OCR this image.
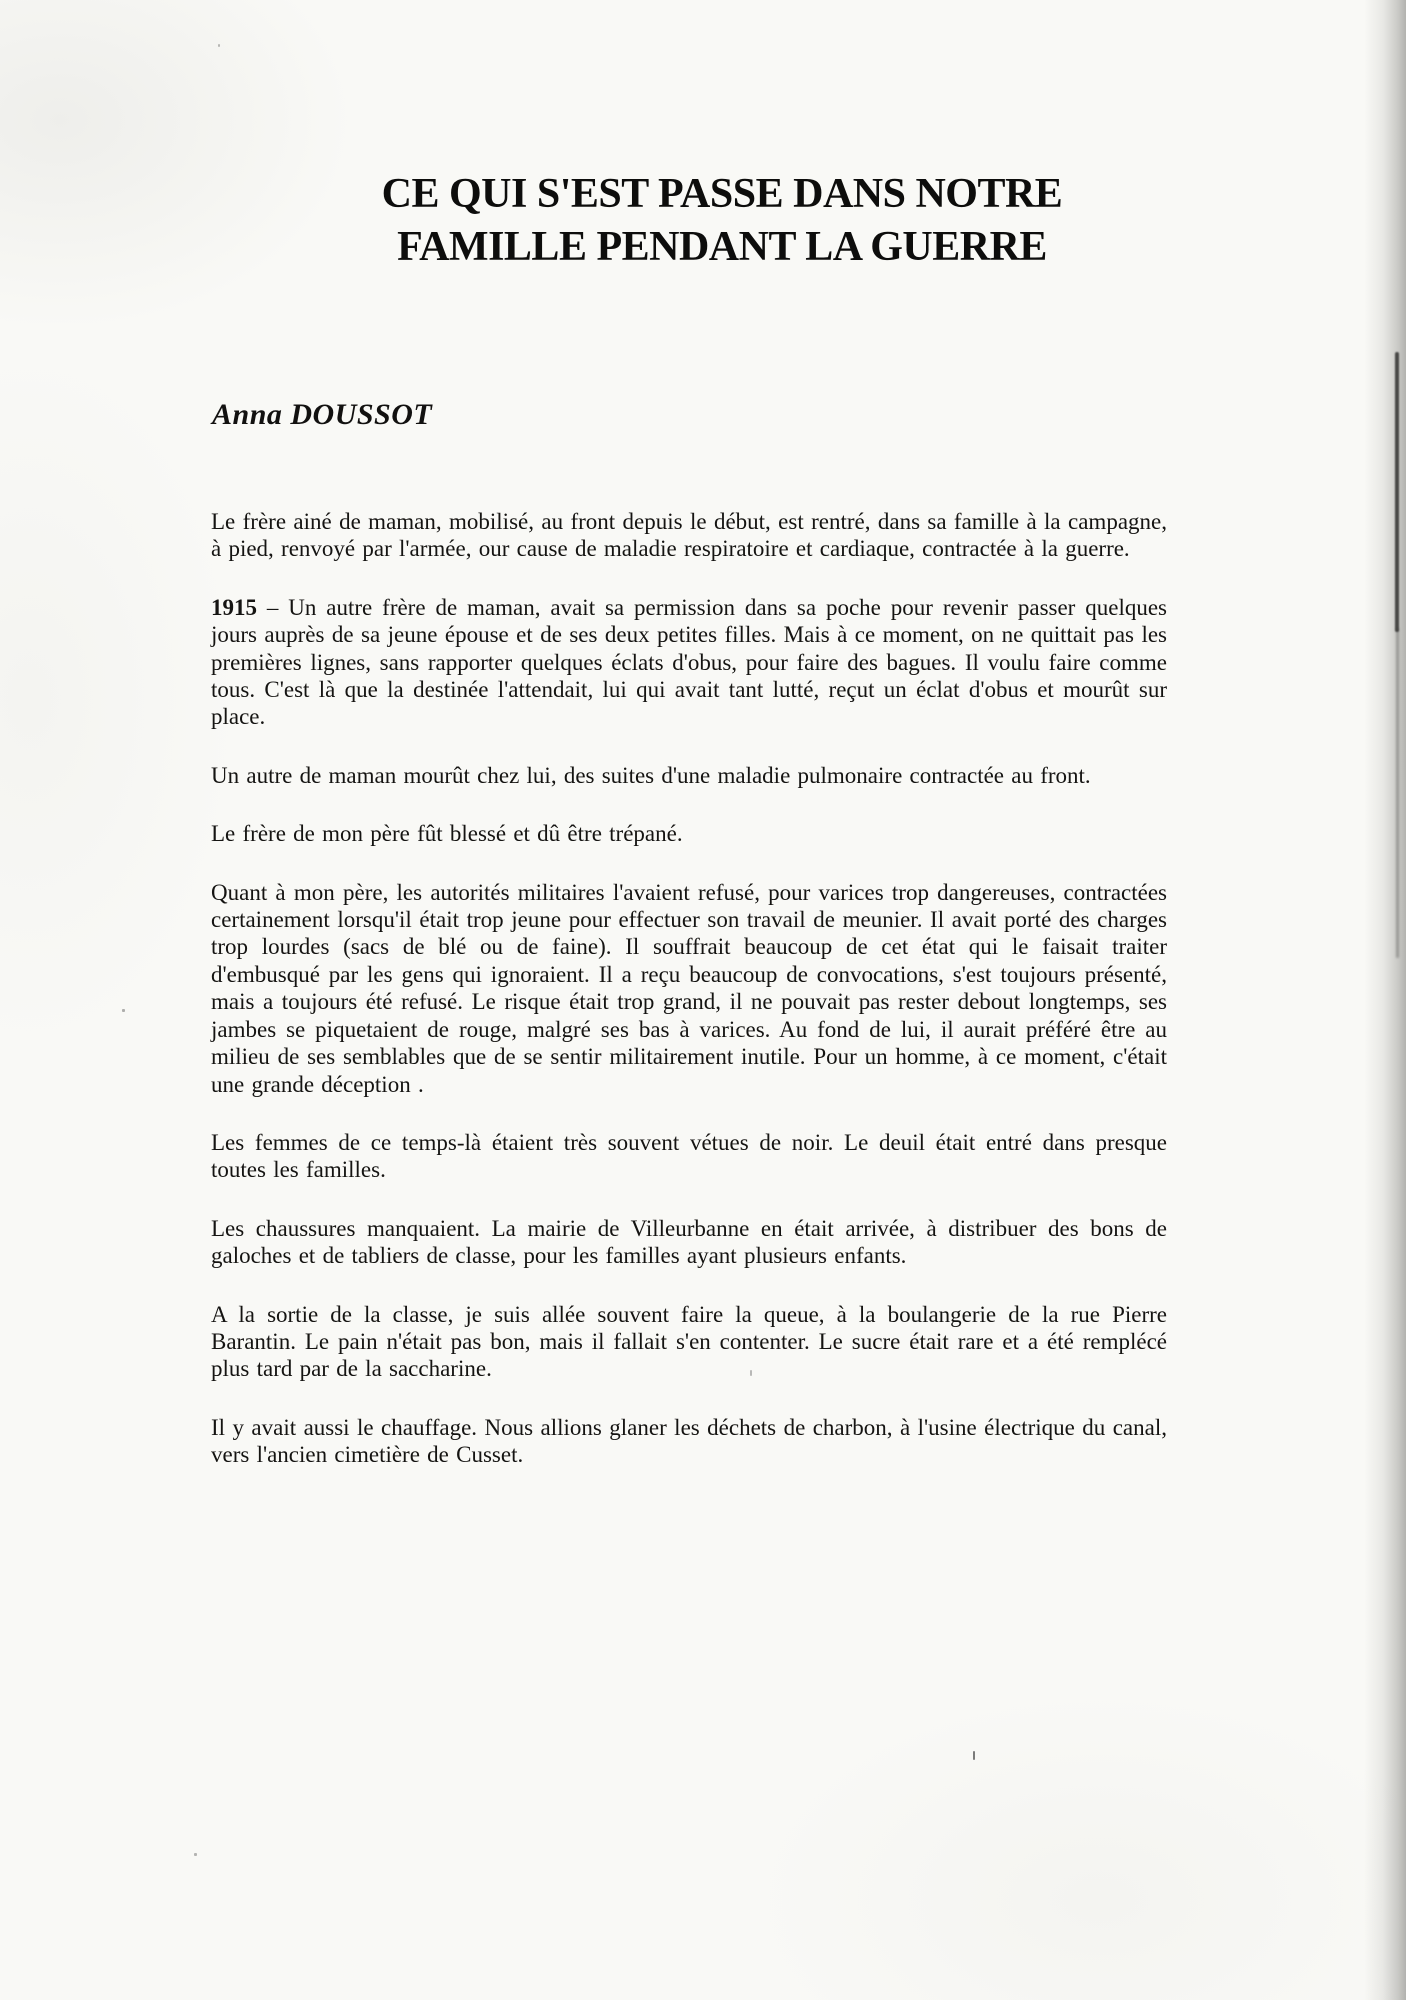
CE QUI S'EST PASSE DANS NOTRE
FAMILLE PENDANT LA GUERRE
Anna DOUSSOT

Le frère ainé de maman, mobilisé, au front depuis le début, est rentré, dans sa famille à la campagne, à pied, renvoyé par l'armée, our cause de maladie respiratoire et cardiaque, contractée à la guerre.

1915 – Un autre frère de maman, avait sa permission dans sa poche pour revenir passer quelques jours auprès de sa jeune épouse et de ses deux petites filles. Mais à ce moment, on ne quittait pas les premières lignes, sans rapporter quelques éclats d'obus, pour faire des bagues. Il voulu faire comme tous. C'est là que la destinée l'attendait, lui qui avait tant lutté, reçut un éclat d'obus et mourût sur place.

Un autre de maman mourût chez lui, des suites d'une maladie pulmonaire contractée au front.

Le frère de mon père fût blessé et dû être trépané.

Quant à mon père, les autorités militaires l'avaient refusé, pour varices trop dangereuses, contractées certainement lorsqu'il était trop jeune pour effectuer son travail de meunier. Il avait porté des charges trop lourdes (sacs de blé ou de faine). Il souffrait beaucoup de cet état qui le faisait traiter d'embusqué par les gens qui ignoraient. Il a reçu beaucoup de convocations, s'est toujours présenté, mais a toujours été refusé. Le risque était trop grand, il ne pouvait pas rester debout longtemps, ses jambes se piquetaient de rouge, malgré ses bas à varices. Au fond de lui, il aurait préféré être au milieu de ses semblables que de se sentir militairement inutile. Pour un homme, à ce moment, c'était une grande déception .

Les femmes de ce temps-là étaient très souvent vétues de noir. Le deuil était entré dans presque toutes les familles.

Les chaussures manquaient. La mairie de Villeurbanne en était arrivée, à distribuer des bons de galoches et de tabliers de classe, pour les familles ayant plusieurs enfants.

A la sortie de la classe, je suis allée souvent faire la queue, à la boulangerie de la rue Pierre Barantin. Le pain n'était pas bon, mais il fallait s'en contenter. Le sucre était rare et a été remplécé plus tard par de la saccharine.

Il y avait aussi le chauffage. Nous allions glaner les déchets de charbon, à l'usine électrique du canal, vers l'ancien cimetière de Cusset.
